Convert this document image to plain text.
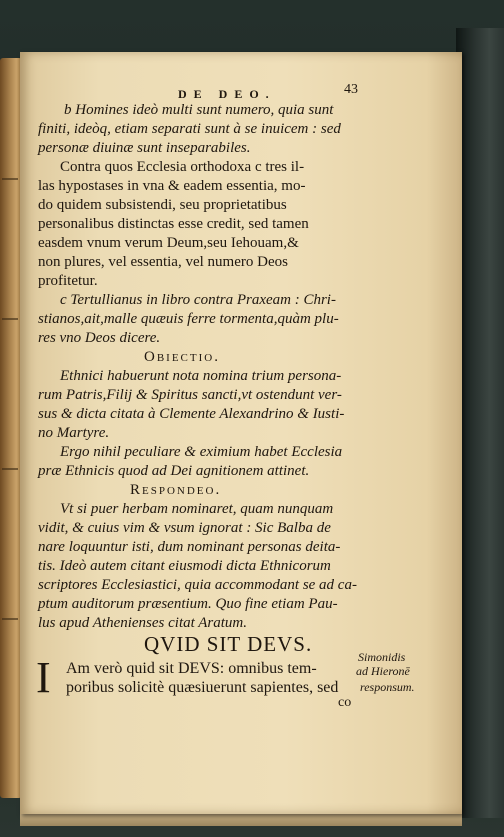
DE DEO.	43
b Homines ideò multi sunt numero, quia sunt
finiti, ideòq, etiam separati sunt à se inuicem : sed
personæ diuinæ sunt inseparabiles.
Contra quos Ecclesia orthodoxa c tres il-
las hypostases in vna & eadem essentia, mo-
do quidem subsistendi, seu proprietatibus
personalibus distinctas esse credit, sed tamen
easdem vnum verum Deum,seu Iehouam,&
non plures, vel essentia, vel numero Deos
profitetur.
c Tertullianus in libro contra Praxeam : Chri-
stianos,ait,malle quæuis ferre tormenta,quàm plu-
res vno Deos dicere.
Obiectio.
Ethnici habuerunt nota nomina trium persona-
rum Patris,Filij & Spiritus sancti,vt ostendunt ver-
sus & dicta citata à Clemente Alexandrino & Iusti-
no Martyre.
Ergo nihil peculiare & eximium habet Ecclesia
præ Ethnicis quod ad Dei agnitionem attinet.
Respondeo.
Vt si puer herbam nominaret, quam nunquam
vidit, & cuius vim & vsum ignorat : Sic Balba de
nare loquuntur isti, dum nominant personas deita-
tis. Ideò autem citant eiusmodi dicta Ethnicorum
scriptores Ecclesiastici, quia accommodant se ad ca-
ptum auditorum præsentium. Quo fine etiam Pau-
lus apud Athenienses citat Aratum.
QVID SIT DEVS.
I Am verò quid sit DEVS: omnibus tem-
poribus solicitè quæsiuerunt sapientes, sed
co
Simonidis
ad Hieronē
responsum.
